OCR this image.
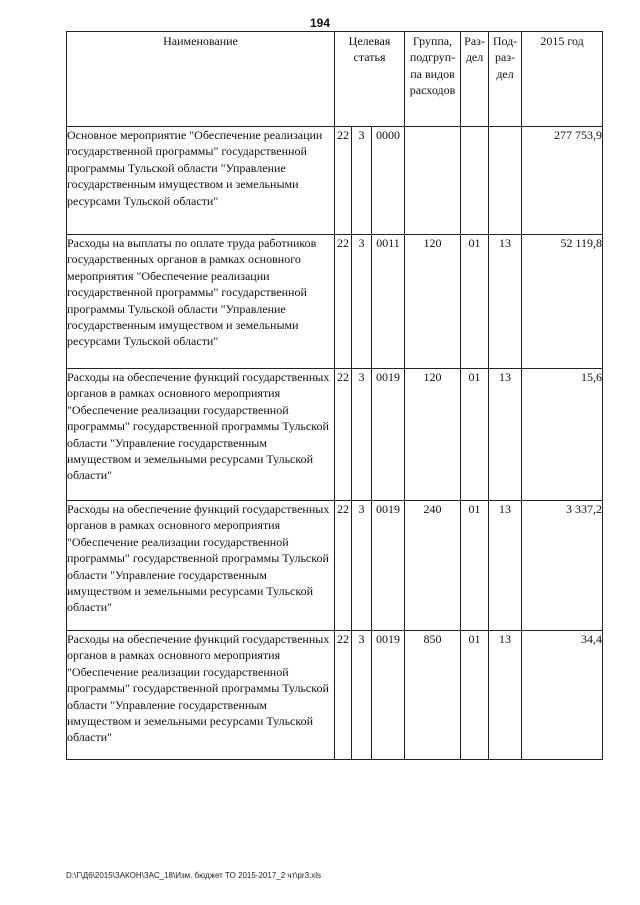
194
Наименование	Целевая статья			Группа, подгруп- па видов расходов	Раз- дел	Под- раз- дел	2015 год
Основное мероприятие "Обеспечение реализации государственной программы" государственной программы Тульской области "Управление государственным имуществом и земельными ресурсами Тульской области"	22	3	0000				277 753,9
Расходы на выплаты по оплате труда работников государственных органов в рамках основного мероприятия "Обеспечение реализации государственной программы" государственной программы Тульской области "Управление государственным имуществом и земельными ресурсами Тульской области"	22	3	0011	120	01	13	52 119,8
Расходы на обеспечение функций государственных органов в рамках основного мероприятия "Обеспечение реализации государственной программы" государственной программы Тульской области "Управление государственным имуществом и земельными ресурсами Тульской области"	22	3	0019	120	01	13	15,6
Расходы на обеспечение функций государственных органов в рамках основного мероприятия "Обеспечение реализации государственной программы" государственной программы Тульской области "Управление государственным имуществом и земельными ресурсами Тульской области"	22	3	0019	240	01	13	3 337,2
Расходы на обеспечение функций государственных органов в рамках основного мероприятия "Обеспечение реализации государственной программы" государственной программы Тульской области "Управление государственным имуществом и земельными ресурсами Тульской области"	22	3	0019	850	01	13	34,4
D:\Г\Д6\2015\ЗАКОН\ЗАС_18\Изм. бюджет ТО 2015-2017_2 чт\pr3.xls
